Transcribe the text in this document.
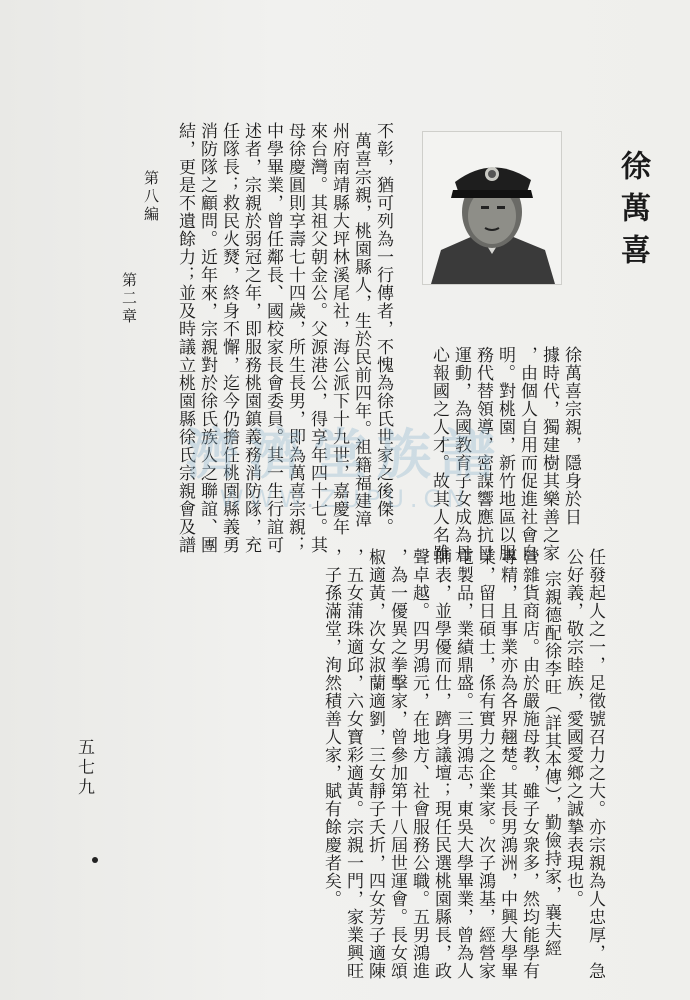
徐萬喜
徐萬喜宗親，隱身於日
據時代，獨建樹其樂善之家
，由個人自用而促進社會自
明。對桃園，新竹地區以服
務代替領導，密謀響應抗日
運動，為國教育子女成為丹
心報國之人才。故其人名雖
不彰，猶可列為一行傳者，不愧為徐氏世家之後傑。
萬喜宗親，桃園縣人，生於民前四年。祖籍福建漳
州府南靖縣大坪林溪尾社，海公派下十九世，嘉慶年
來台灣。其祖父朝金公。父源港公，得享年四十七。其
母徐慶圓則享壽七十四歲，所生長男，即為萬喜宗親；
中學畢業，曾任鄰長、國校家長會委員。其一生行誼可
述者，宗親於弱冠之年，即服務桃園鎮義務消防隊，充
任隊長；救民火燹，終身不懈，迄今仍擔任桃園縣義勇
消防隊之顧問。近年來，宗親對於徐氏族人之聯誼、團
結，更是不遺餘力；並及時議立桃園縣徐氏宗親會及譜
第八編
第二章
任發起人之一，足徵號召力之大。亦宗親為人忠厚，急
公好義，敬宗睦族，愛國愛鄉之誠摯表現也。
宗親德配徐李旺（詳其本傳），勤儉持家，襄夫經
營雜貨商店。由於嚴施母教，雖子女衆多，然均能學有
專精，且事業亦為各界翹楚。其長男鴻洲，中興大學畢
業，留日碩士，係有實力之企業家。次子鴻基，經營家
電製品，業績鼎盛。三男鴻志，東吳大學畢業，曾為人
師表，並學優而仕，躋身議壇；現任民選桃園縣長，政
聲卓越。四男鴻元，在地方、社會服務公職。五男鴻進
，為一優異之拳擊家，曾參加第十八屆世運會。長女頌
椒適黃，次女淑蘭適劉，三女靜子夭折，四女芳子適陳
，五女蒲珠適邱，六女寶彩適黃。宗親一門，家業興旺
，子孫滿堂，洵然積善人家，賦有餘慶者矣。
五七九
濟濟堂族譜
WWW.ZUPU.CN
